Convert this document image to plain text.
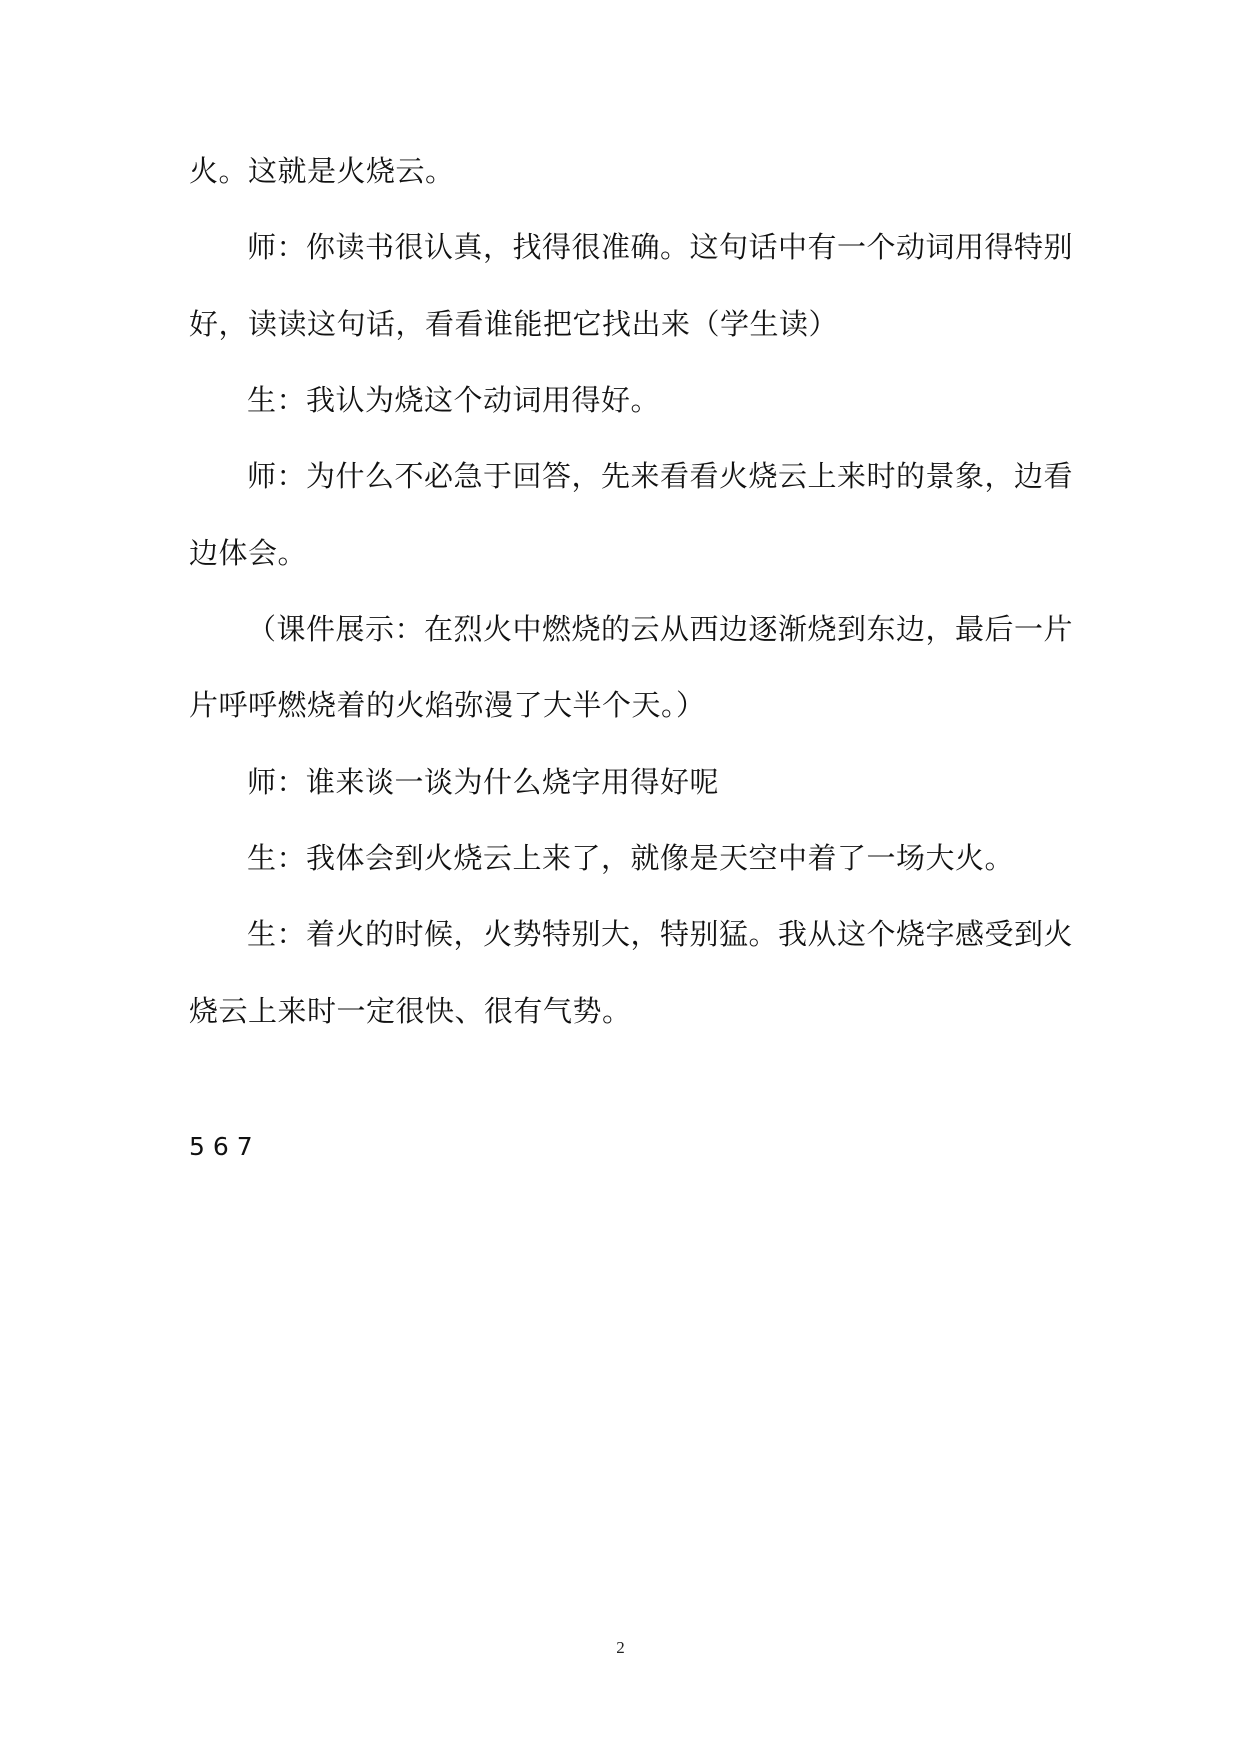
火。这就是火烧云。
师：你读书很认真，找得很准确。这句话中有一个动词用得特别
好，读读这句话，看看谁能把它找出来（学生读）
生：我认为烧这个动词用得好。
师：为什么不必急于回答，先来看看火烧云上来时的景象，边看
边体会。
（课件展示：在烈火中燃烧的云从西边逐渐烧到东边，最后一片
片呼呼燃烧着的火焰弥漫了大半个天。）
师：谁来谈一谈为什么烧字用得好呢
生：我体会到火烧云上来了，就像是天空中着了一场大火。
生：着火的时候，火势特别大，特别猛。我从这个烧字感受到火
烧云上来时一定很快、很有气势。
567
2
